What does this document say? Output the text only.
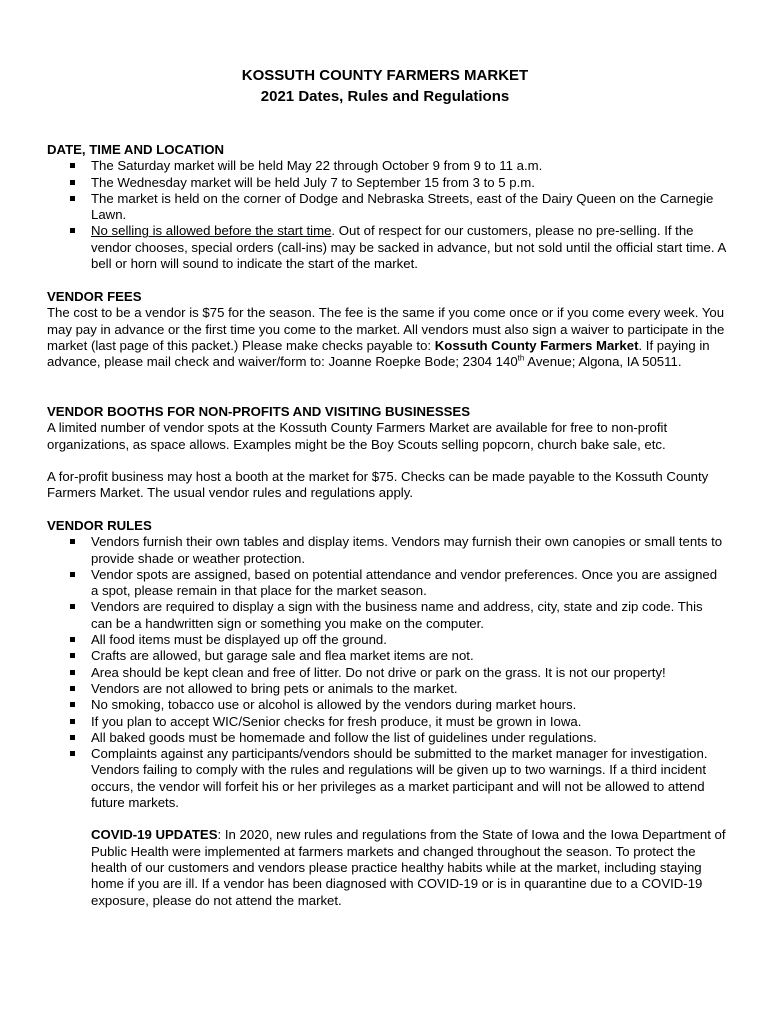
KOSSUTH COUNTY FARMERS MARKET
2021 Dates, Rules and Regulations
DATE, TIME AND LOCATION
The Saturday market will be held May 22 through October 9 from 9 to 11 a.m.
The Wednesday market will be held July 7 to September 15 from 3 to 5 p.m.
The market is held on the corner of Dodge and Nebraska Streets, east of the Dairy Queen on the Carnegie Lawn.
No selling is allowed before the start time. Out of respect for our customers, please no pre-selling. If the vendor chooses, special orders (call-ins) may be sacked in advance, but not sold until the official start time. A bell or horn will sound to indicate the start of the market.
VENDOR FEES

The cost to be a vendor is $75 for the season. The fee is the same if you come once or if you come every week. You may pay in advance or the first time you come to the market. All vendors must also sign a waiver to participate in the market (last page of this packet.) Please make checks payable to: Kossuth County Farmers Market. If paying in advance, please mail check and waiver/form to: Joanne Roepke Bode; 2304 140th Avenue; Algona, IA 50511.

VENDOR BOOTHS FOR NON-PROFITS AND VISITING BUSINESSES

A limited number of vendor spots at the Kossuth County Farmers Market are available for free to non-profit organizations, as space allows. Examples might be the Boy Scouts selling popcorn, church bake sale, etc.

A for-profit business may host a booth at the market for $75. Checks can be made payable to the Kossuth County Farmers Market. The usual vendor rules and regulations apply.

VENDOR RULES
Vendors furnish their own tables and display items. Vendors may furnish their own canopies or small tents to provide shade or weather protection.
Vendor spots are assigned, based on potential attendance and vendor preferences. Once you are assigned a spot, please remain in that place for the market season.
Vendors are required to display a sign with the business name and address, city, state and zip code. This can be a handwritten sign or something you make on the computer.
All food items must be displayed up off the ground.
Crafts are allowed, but garage sale and flea market items are not.
Area should be kept clean and free of litter. Do not drive or park on the grass. It is not our property!
Vendors are not allowed to bring pets or animals to the market.
No smoking, tobacco use or alcohol is allowed by the vendors during market hours.
If you plan to accept WIC/Senior checks for fresh produce, it must be grown in Iowa.
All baked goods must be homemade and follow the list of guidelines under regulations.
Complaints against any participants/vendors should be submitted to the market manager for investigation. Vendors failing to comply with the rules and regulations will be given up to two warnings. If a third incident occurs, the vendor will forfeit his or her privileges as a market participant and will not be allowed to attend future markets.

COVID-19 UPDATES: In 2020, new rules and regulations from the State of Iowa and the Iowa Department of Public Health were implemented at farmers markets and changed throughout the season. To protect the health of our customers and vendors please practice healthy habits while at the market, including staying home if you are ill. If a vendor has been diagnosed with COVID-19 or is in quarantine due to a COVID-19 exposure, please do not attend the market.
